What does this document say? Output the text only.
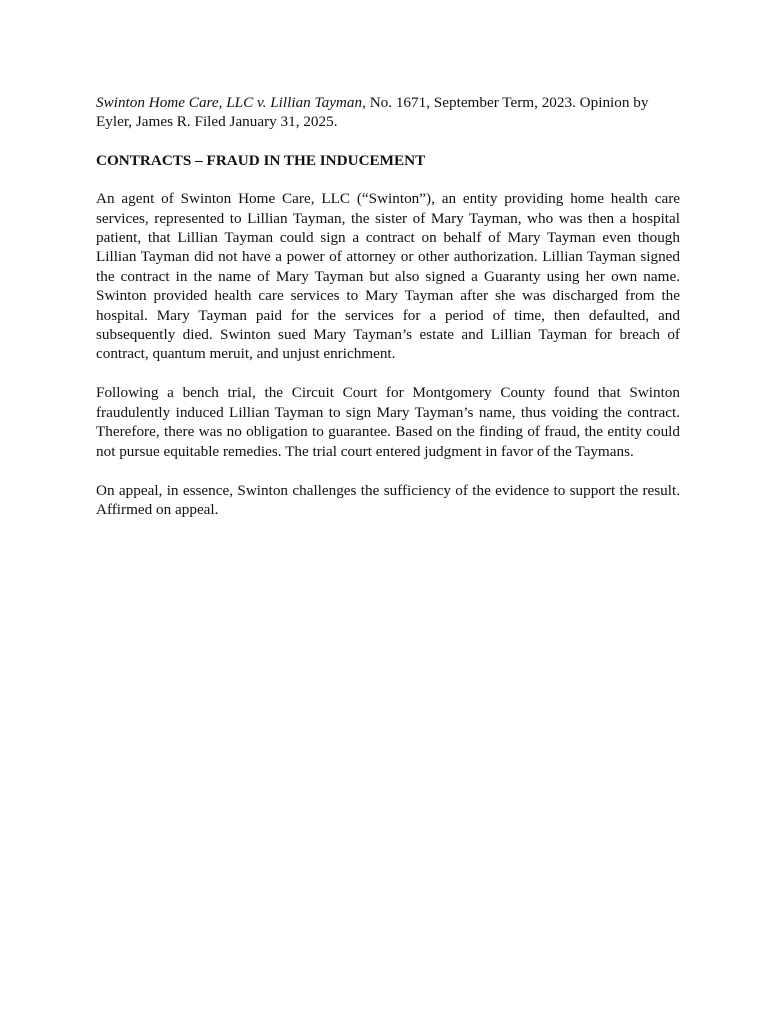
Swinton Home Care, LLC v. Lillian Tayman, No. 1671, September Term, 2023. Opinion by Eyler, James R. Filed January 31, 2025.

CONTRACTS – FRAUD IN THE INDUCEMENT

An agent of Swinton Home Care, LLC (“Swinton”), an entity providing home health care services, represented to Lillian Tayman, the sister of Mary Tayman, who was then a hospital patient, that Lillian Tayman could sign a contract on behalf of Mary Tayman even though Lillian Tayman did not have a power of attorney or other authorization. Lillian Tayman signed the contract in the name of Mary Tayman but also signed a Guaranty using her own name. Swinton provided health care services to Mary Tayman after she was discharged from the hospital. Mary Tayman paid for the services for a period of time, then defaulted, and subsequently died. Swinton sued Mary Tayman’s estate and Lillian Tayman for breach of contract, quantum meruit, and unjust enrichment.

Following a bench trial, the Circuit Court for Montgomery County found that Swinton fraudulently induced Lillian Tayman to sign Mary Tayman’s name, thus voiding the contract. Therefore, there was no obligation to guarantee. Based on the finding of fraud, the entity could not pursue equitable remedies. The trial court entered judgment in favor of the Taymans.

On appeal, in essence, Swinton challenges the sufficiency of the evidence to support the result. Affirmed on appeal.
